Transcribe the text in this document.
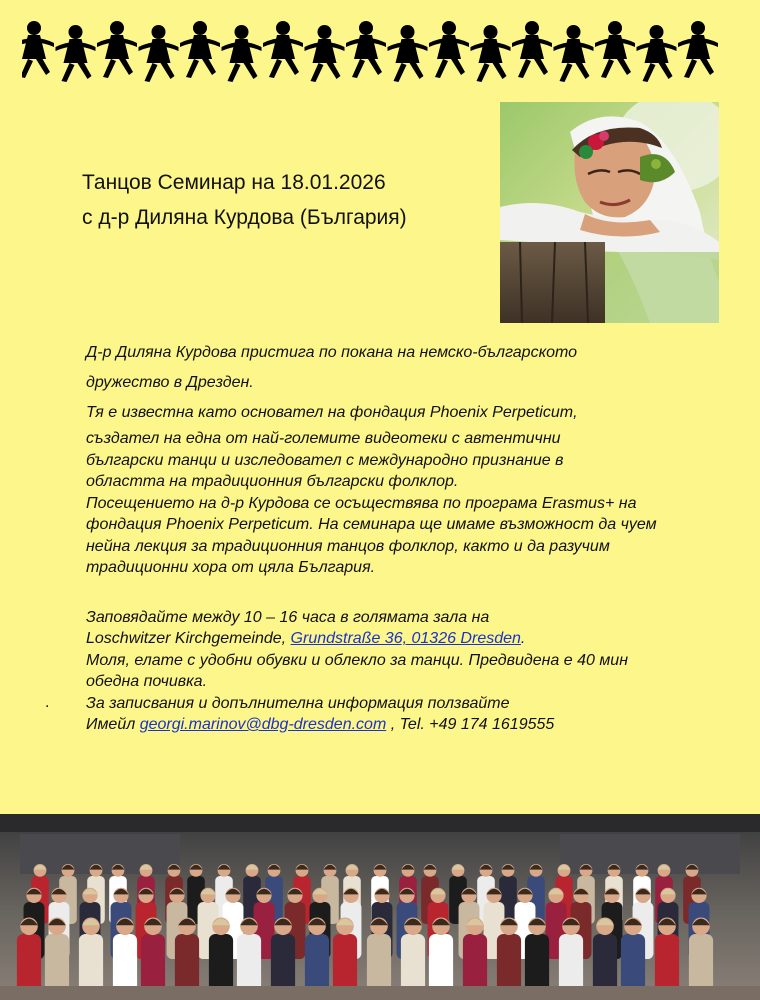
Танцов Семинар на 18.01.2026
с д-р Диляна Курдова (България)

Д-р Диляна Курдова пристига по покана на немско-българското

дружество в Дрезден.

Тя е известна като основател на фондация Phoenix Perpeticum,

създател на една от най-големите видеотеки с автентични

български танци и изследовател с международно признание в

областта на традиционния български фолклор.

Посещението на д-р Курдова се осъществява по програма Erasmus+ на

фондация Phoenix Perpeticum. На семинара ще имаме възможност да чуем

нейна лекция за традиционния танцов фолклор, както и да разучим

традиционни хора от цяла България.

Заповядайте между 10 – 16 часа в голямата зала на

Loschwitzer Kirchgemeinde, Grundstraße 36, 01326 Dresden.

Моля, елате с удобни обувки и облекло за танци. Предвидена е 40 мин

обедна почивка.

За записвания и допълнителна информация ползвайте

Имейл georgi.marinov@dbg-dresden.com , Tel. +49 174 1619555

.
